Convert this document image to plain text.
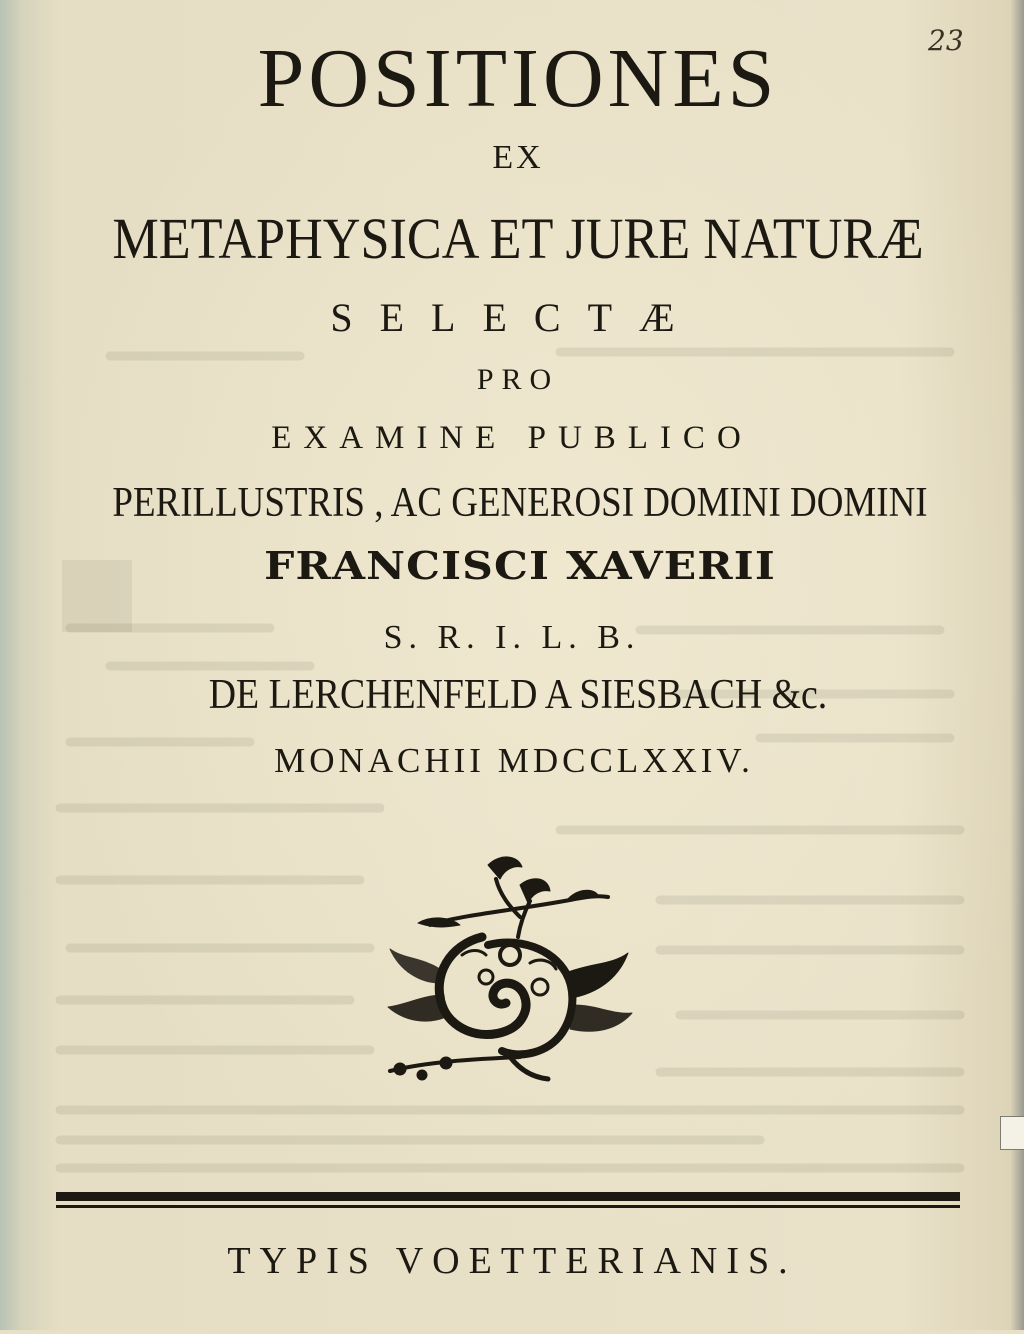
23
POSITIONES
EX
METAPHYSICA ET JURE NATURÆ
SELECTÆ
PRO
EXAMINE PUBLICO
PERILLUSTRIS , AC GENEROSI DOMINI DOMINI
FRANCISCI XAVERII
S. R. I. L. B.
DE LERCHENFELD A SIESBACH &c.
MONACHII MDCCLXXIV.
TYPIS VOETTERIANIS.
